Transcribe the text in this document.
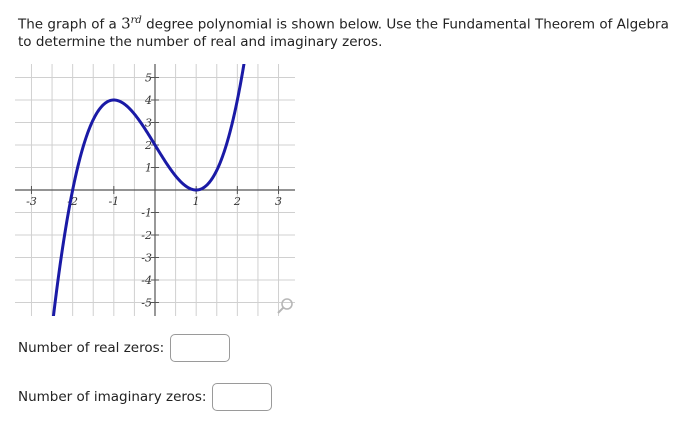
The graph of a 3rd degree polynomial is shown below. Use the Fundamental Theorem of Algebra to determine the number of real and imaginary zeros.

-3	-2	-1	1	2	3
5
4
3
2
1
-1
-2
-3
-4
-5
Number of real zeros:
Number of imaginary zeros:
